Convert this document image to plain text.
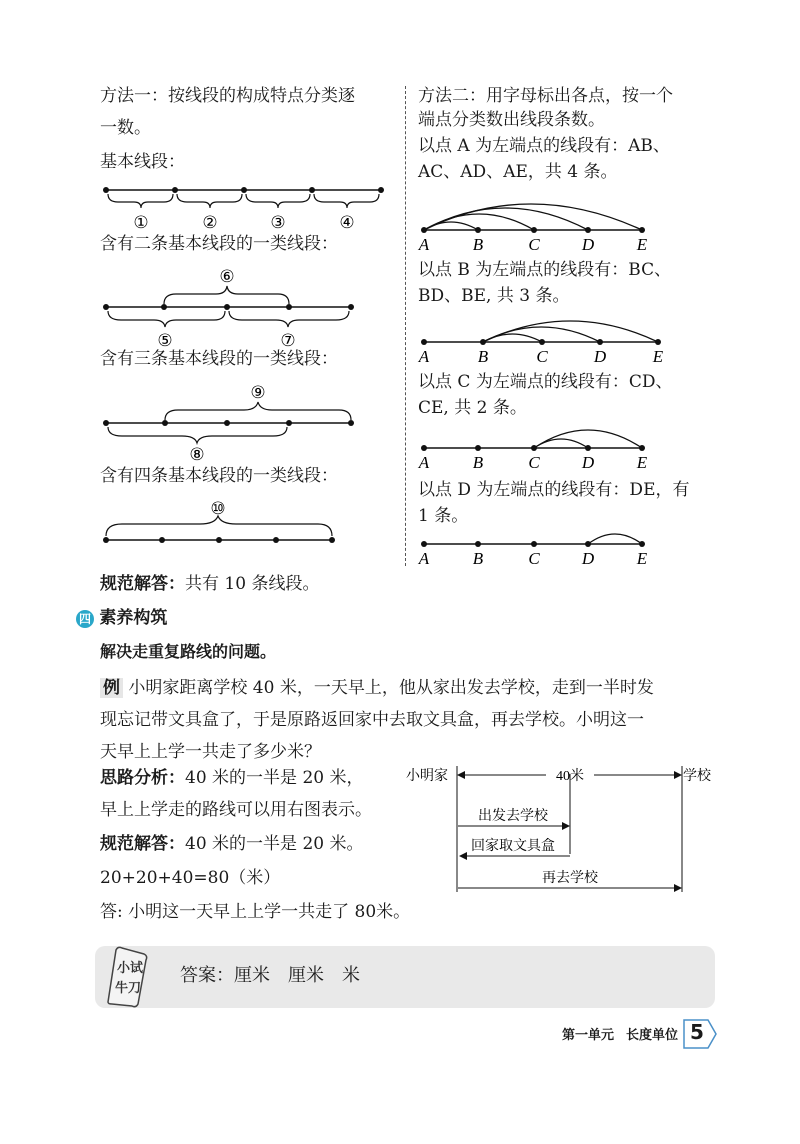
方法一：按线段的构成特点分类逐
一数。
基本线段：
①	②	③	④
含有二条基本线段的一类线段：
⑥
⑤	⑦
含有三条基本线段的一类线段：
⑨
⑧
含有四条基本线段的一类线段：
⑩
方法二：用字母标出各点，按一个
端点分类数出线段条数。
以点 A 为左端点的线段有：AB、
AC、AD、AE，共 4 条。
A	B	C D	E
以点 B 为左端点的线段有：BC、
BD、BE, 共 3 条。
A	B	C	D	E
以点 C 为左端点的线段有：CD、
CE, 共 2 条。
A	B	C D	E
以点 D 为左端点的线段有：DE，有
1 条。
A	B	C D	E
规范解答：共有 10 条线段。
四 素养构筑
解决走重复路线的问题。
例 小明家距离学校 40 米，一天早上，他从家出发去学校，走到一半时发
现忘记带文具盒了，于是原路返回家中去取文具盒，再去学校。小明这一
天早上上学一共走了多少米？
思路分析：40 米的一半是 20 米，
早上上学走的路线可以用右图表示。
规范解答：40 米的一半是 20 米。
20+20+40=80（米）
答: 小明这一天早上上学一共走了 80米。
小明家	学校
40米
出发去学校
回家取文具盒
再去学校
小试
牛刀
答案：厘米　厘米　米
第一单元 长度单位 5
